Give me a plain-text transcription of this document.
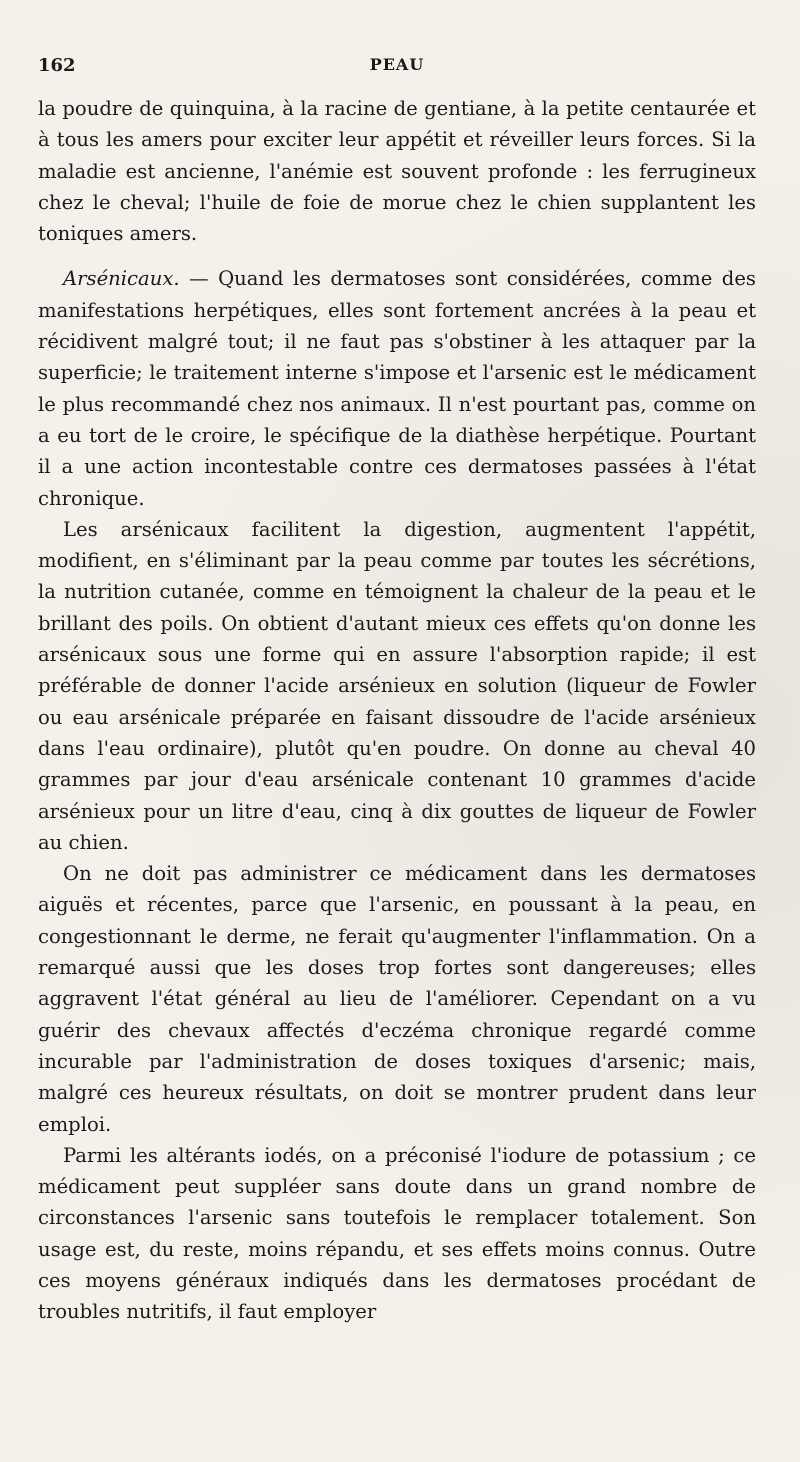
162	PEAU

la poudre de quinquina, à la racine de gentiane, à la petite centaurée et à tous les amers pour exciter leur appétit et réveiller leurs forces. Si la maladie est ancienne, l'anémie est souvent profonde : les ferrugineux chez le cheval; l'huile de foie de morue chez le chien supplantent les toniques amers.

Arsénicaux. — Quand les dermatoses sont considérées, comme des manifestations herpétiques, elles sont fortement ancrées à la peau et récidivent malgré tout; il ne faut pas s'obstiner à les attaquer par la superficie; le traitement interne s'impose et l'arsenic est le médicament le plus recommandé chez nos animaux. Il n'est pourtant pas, comme on a eu tort de le croire, le spécifique de la diathèse herpétique. Pourtant il a une action incontestable contre ces dermatoses passées à l'état chronique.

Les arsénicaux facilitent la digestion, augmentent l'appétit, modifient, en s'éliminant par la peau comme par toutes les sécrétions, la nutrition cutanée, comme en témoignent la chaleur de la peau et le brillant des poils. On obtient d'autant mieux ces effets qu'on donne les arsénicaux sous une forme qui en assure l'absorption rapide; il est préférable de donner l'acide arsénieux en solution (liqueur de Fowler ou eau arsénicale préparée en faisant dissoudre de l'acide arsénieux dans l'eau ordinaire), plutôt qu'en poudre. On donne au cheval 40 grammes par jour d'eau arsénicale contenant 10 grammes d'acide arsénieux pour un litre d'eau, cinq à dix gouttes de liqueur de Fowler au chien.

On ne doit pas administrer ce médicament dans les dermatoses aiguës et récentes, parce que l'arsenic, en poussant à la peau, en congestionnant le derme, ne ferait qu'augmenter l'inflammation. On a remarqué aussi que les doses trop fortes sont dangereuses; elles aggravent l'état général au lieu de l'améliorer. Cependant on a vu guérir des chevaux affectés d'eczéma chronique regardé comme incurable par l'administration de doses toxiques d'arsenic; mais, malgré ces heureux résultats, on doit se montrer prudent dans leur emploi.

Parmi les altérants iodés, on a préconisé l'iodure de potassium ; ce médicament peut suppléer sans doute dans un grand nombre de circonstances l'arsenic sans toutefois le remplacer totalement. Son usage est, du reste, moins répandu, et ses effets moins connus. Outre ces moyens généraux indiqués dans les dermatoses procédant de troubles nutritifs, il faut employer
